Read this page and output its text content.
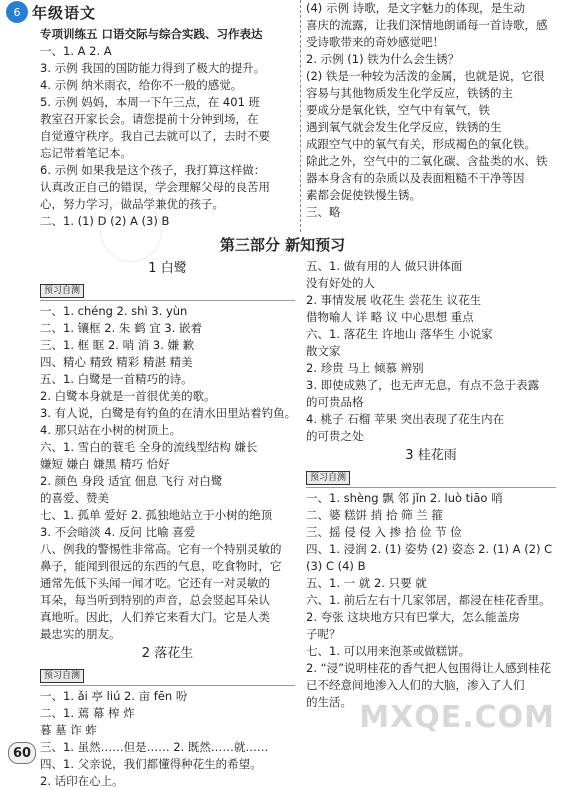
6 年级语文

专项训练五 口语交际与综合实践、习作表达

一、1. A 2. A

3. 示例 我国的国防能力得到了极大的提升。

4. 示例 纳米雨衣，给你不一般的感觉。

5. 示例 妈妈，本周一下午三点，在 401 班

教室召开家长会。请您提前十分钟到场，在

自觉遵守秩序。我自己去就可以了，去时不要

忘记带着笔记本。

6. 示例 如果我是这个孩子，我打算这样做：

认真改正自己的错误，学会理解父母的良苦用

心，努力学习，做品学兼优的孩子。

二、1. (1) D (2) A (3) B

(4) 示例 诗歌，是文字魅力的体现，是生动

喜庆的流露，让我们深情地朗诵每一首诗歌，感

受诗歌带来的奇妙感觉吧！

2. 示例 (1) 铁为什么会生锈？

(2) 铁是一种较为活泼的金属，也就是说，它很

容易与其他物质发生化学反应，铁锈的主

要成分是氧化铁，空气中有氧气，铁

遇到氧气就会发生化学反应，铁锈的生

成跟空气中的氧气有关，形成褐色的氧化铁。

除此之外，空气中的二氧化碳、含盐类的水、铁

器本身含有的杂质以及表面粗糙不干净等因

素都会促使铁慢生锈。

三、略

第三部分 新知预习
1 白鹭
预习自测

一、1. chéng 2. shì 3. yùn

二、1. 镶框 2. 朱 鹤 宜 3. 嵌着

三、1. 框 眶 2. 哨 消 3. 嫌 歉

四、精心 精致 精彩 精湛 精美

五、1. 白鹭是一首精巧的诗。

2. 白鹭本身就是一首很优美的歌。

3. 有人说，白鹭是有钓鱼的在清水田里站着钓鱼。

4. 那只站在小树的树顶上。

六、1. 雪白的蓑毛 全身的流线型结构 嫌长

嫌短 嫌白 嫌黑 精巧 恰好

2. 颜色 身段 适宜 佃息 飞行 对白鹭

的喜爱、赞美

七、1. 孤单 爱好 2. 孤独地站立于小树的绝顶

3. 不会暗淡 4. 反问 比喻 喜爱

八、例我的警惕性非常高。它有一个特别灵敏的

鼻子，能闻到很远的东西的气息，吃食物时，它

通常先低下头闻一闻才吃。它还有一对灵敏的

耳朵，每当听到特别的声音，总会竖起耳朵认

真地听。因此，人们养它来看大门。它是人类

最忠实的朋友。

2 落花生
预习自测

一、1. ǎi 亭 liú 2. 亩 fēn 吩

二、1. 蔫 幕 榨 炸

暮 墓 诈 蚱

三、1. 虽然……但是…… 2. 既然……就……

四、1. 父亲说，我们都懂得种花生的希望。

2. 话印在心上。

五、1. 做有用的人 做只讲体面

没有好处的人

2. 事情发展 收花生 尝花生 议花生

借物喻人 详 略 议 中心思想 重点

六、1. 落花生 许地山 落华生 小说家

散文家

2. 珍贵 马上 倾慕 辨别

3. 即使成熟了，也无声无息，有点不急于表露

的可贵品格

4. 桃子 石榴 苹果 突出表现了花生内在

的可贵之处

3 桂花雨
预习自测

一、1. shèng 飘 邻 jǐn 2. luò tiāo 哨

二、婆 糕饼 捎 拾 筛 兰 箍

三、摇 侵 侵 入 掺 拾 俭 节 俭

四、1. 浸润 2. (1) 姿势 (2) 姿态 2. (1) A (2) C

(3) C (4) B

五、1. 一 就 2. 只要 就

六、1. 前后左右十几家邻居，都浸在桂花香里。

2. 夸张 这块地方只有巴掌大，怎么能盖房

子呢？

七、1. 可以用来泡茶或做糕饼。

2. “浸”说明桂花的香气把人包围得让人感到桂花

已不经意间地渗入人们的大脑，渗入了人们

的生活。 MXQE.COM
60
